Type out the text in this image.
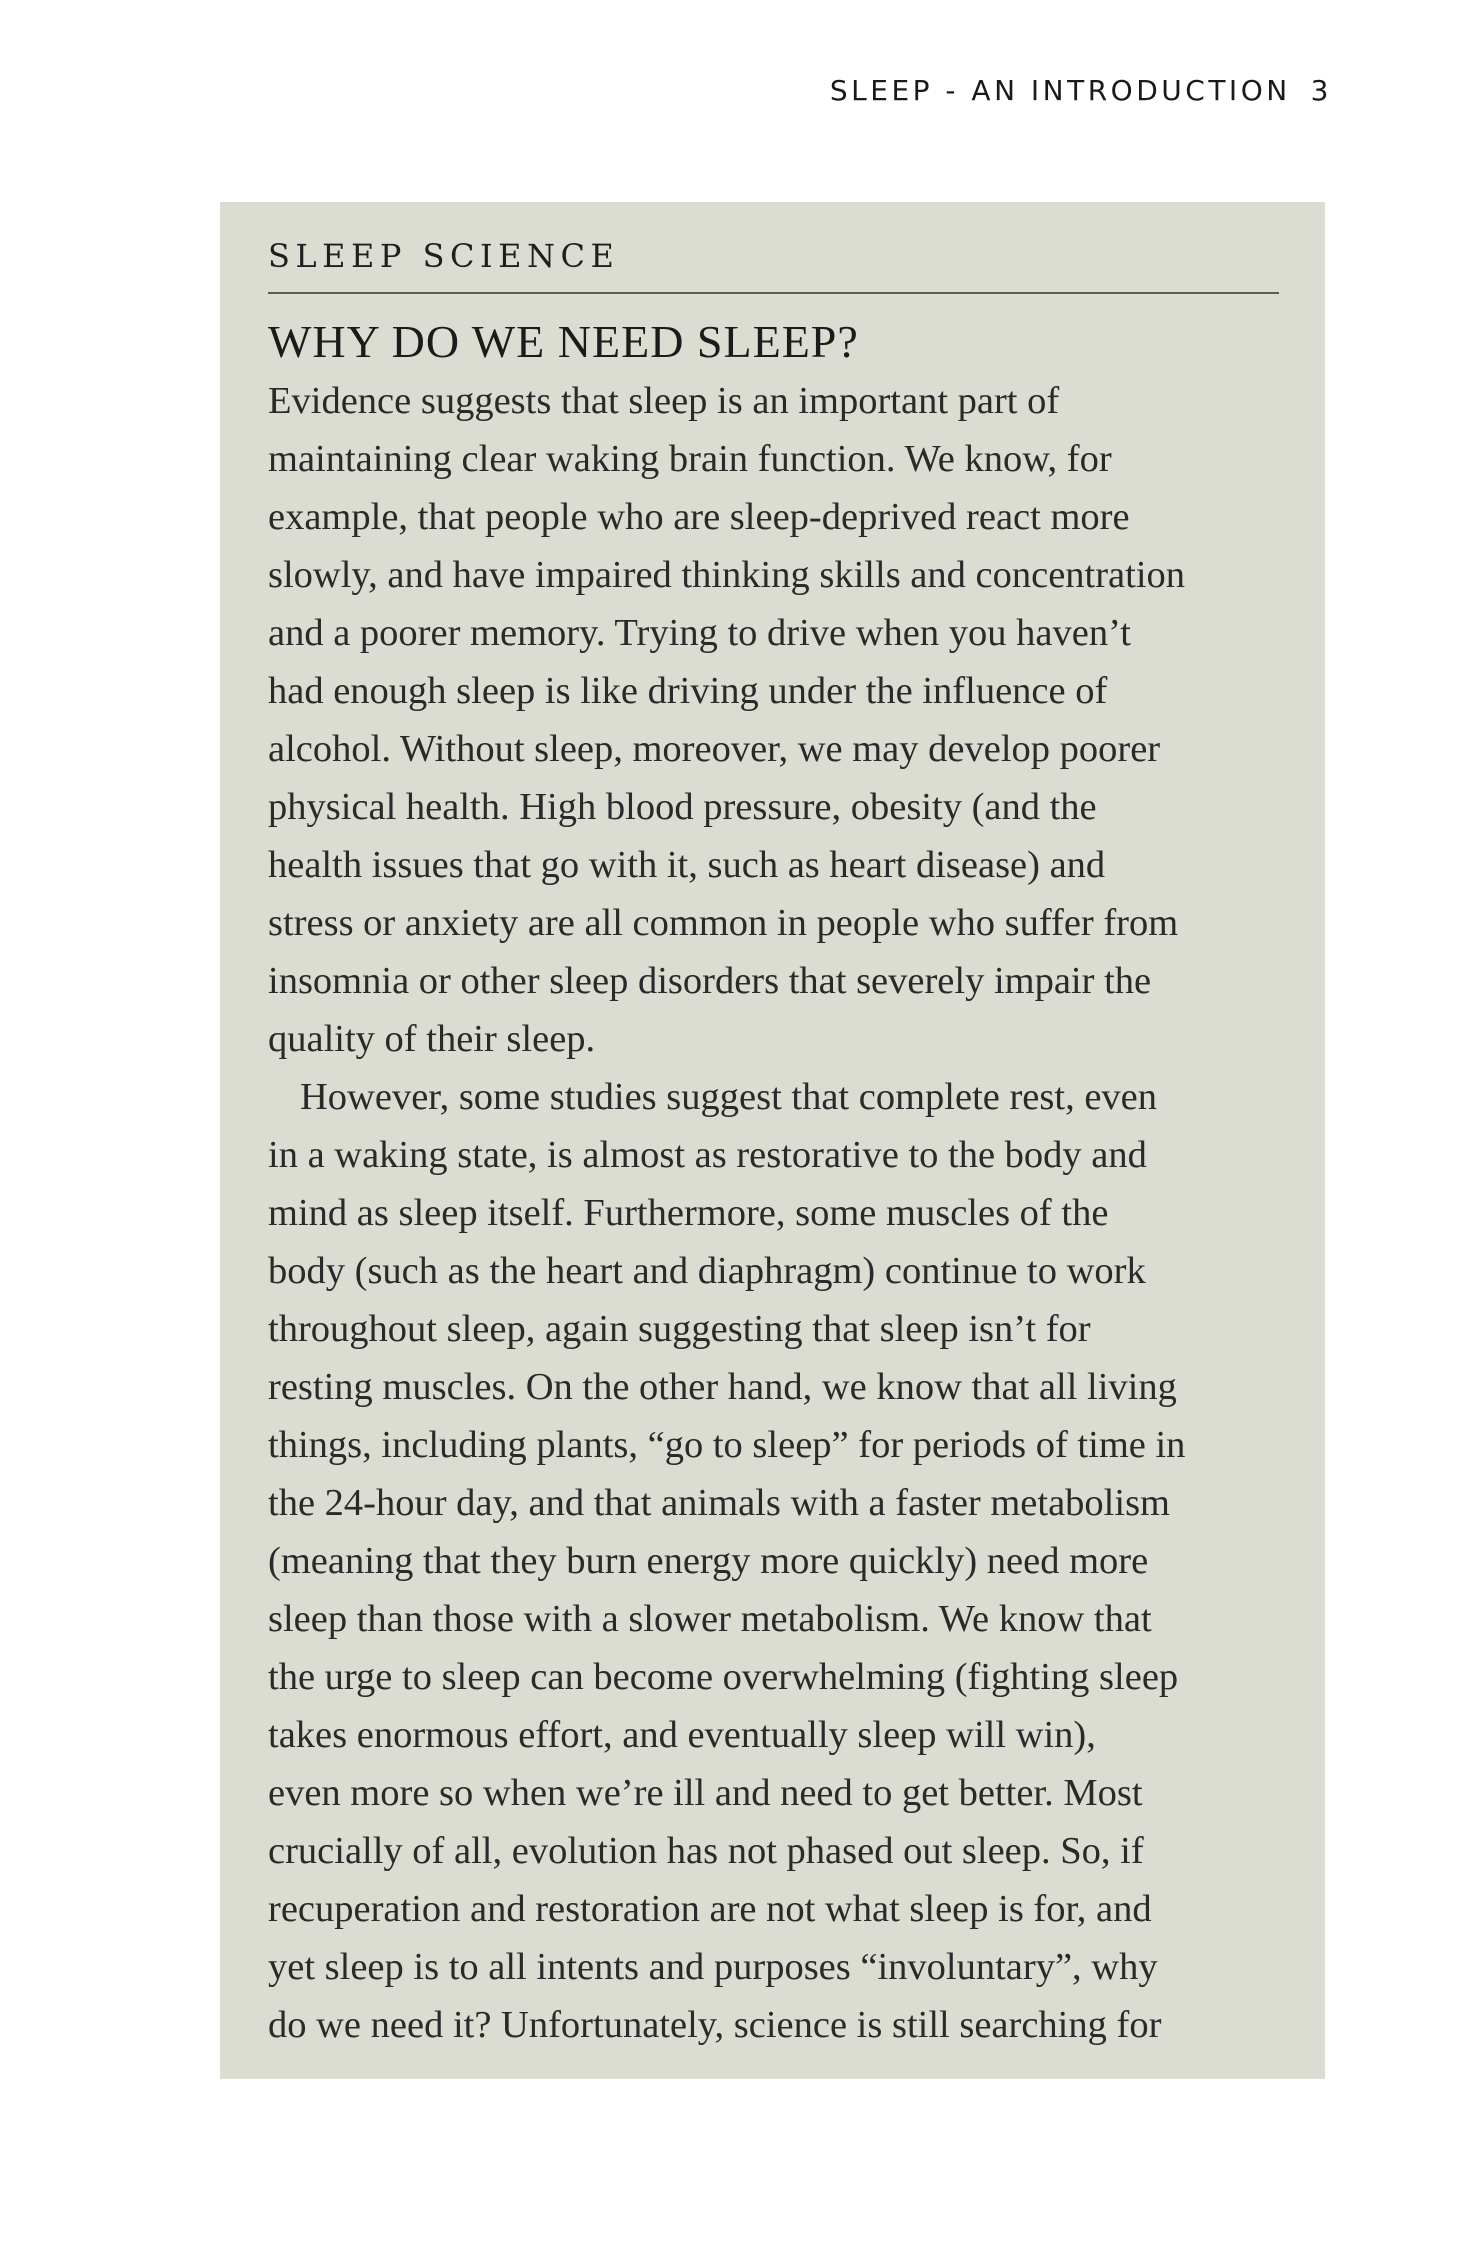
SLEEP - AN INTRODUCTION 3
SLEEP SCIENCE
WHY DO WE NEED SLEEP?

Evidence suggests that sleep is an important part of
maintaining clear waking brain function. We know, for
example, that people who are sleep-deprived react more
slowly, and have impaired thinking skills and concentration
and a poorer memory. Trying to drive when you haven’t
had enough sleep is like driving under the influence of
alcohol. Without sleep, moreover, we may develop poorer
physical health. High blood pressure, obesity (and the
health issues that go with it, such as heart disease) and
stress or anxiety are all common in people who suffer from
insomnia or other sleep disorders that severely impair the
quality of their sleep.

However, some studies suggest that complete rest, even
in a waking state, is almost as restorative to the body and
mind as sleep itself. Furthermore, some muscles of the
body (such as the heart and diaphragm) continue to work
throughout sleep, again suggesting that sleep isn’t for
resting muscles. On the other hand, we know that all living
things, including plants, “go to sleep” for periods of time in
the 24-hour day, and that animals with a faster metabolism
(meaning that they burn energy more quickly) need more
sleep than those with a slower metabolism. We know that
the urge to sleep can become overwhelming (fighting sleep
takes enormous effort, and eventually sleep will win),
even more so when we’re ill and need to get better. Most
crucially of all, evolution has not phased out sleep. So, if
recuperation and restoration are not what sleep is for, and
yet sleep is to all intents and purposes “involuntary”, why
do we need it? Unfortunately, science is still searching for
